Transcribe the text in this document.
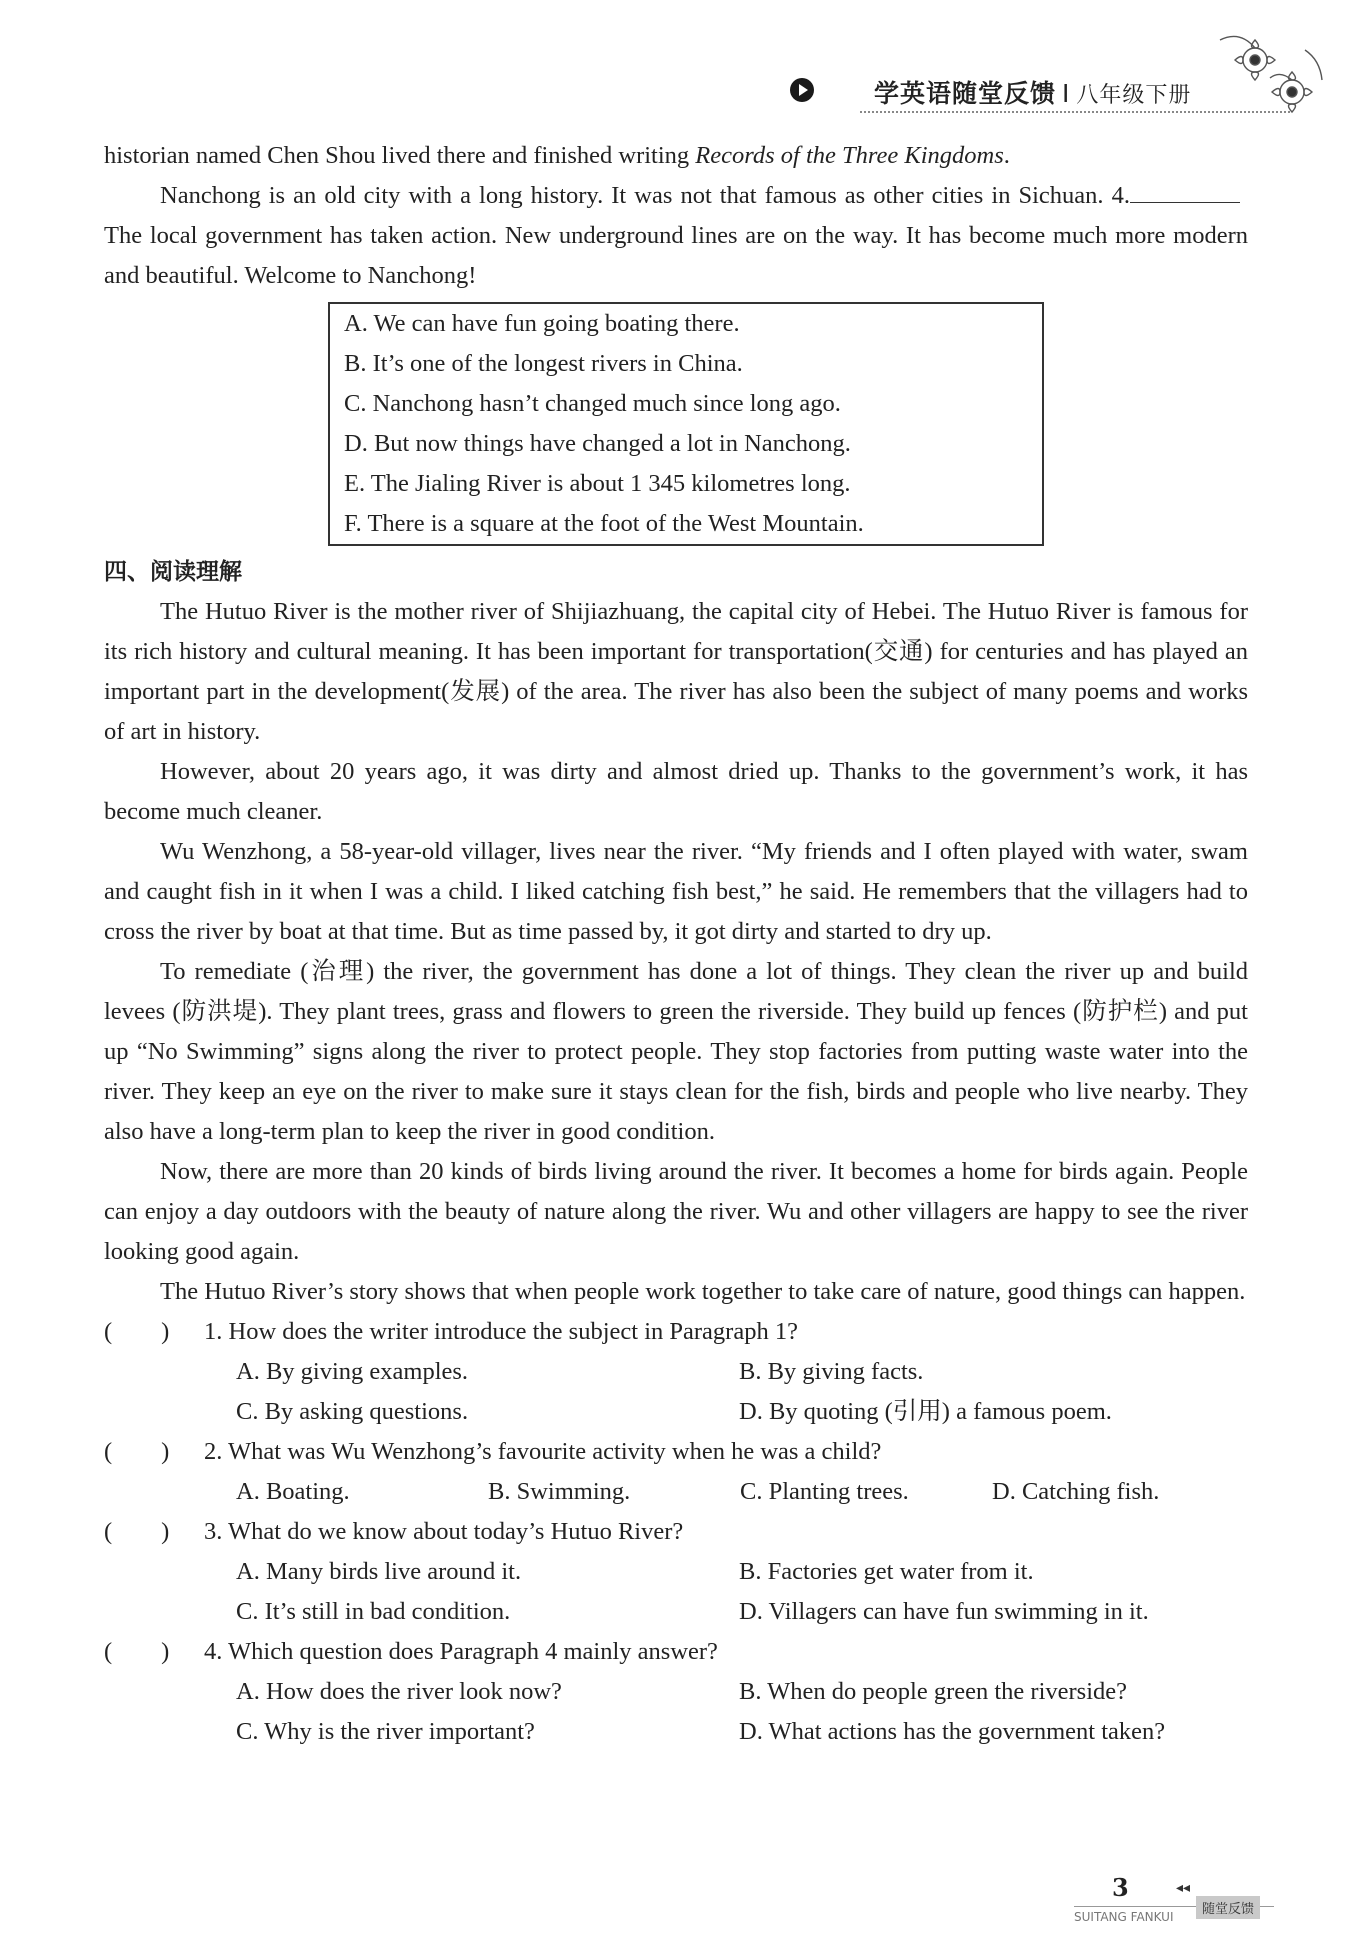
学英语随堂反馈 I 八年级下册

historian named Chen Shou lived there and finished writing Records of the Three Kingdoms.

Nanchong is an old city with a long history. It was not that famous as other cities in Sichuan. 4.The local government has taken action. New underground lines are on the way. It has become much more modern and beautiful. Welcome to Nanchong!

A. We can have fun going boating there.
B. It’s one of the longest rivers in China.
C. Nanchong hasn’t changed much since long ago.
D. But now things have changed a lot in Nanchong.
E. The Jialing River is about 1 345 kilometres long.
F. There is a square at the foot of the West Mountain.
四、阅读理解

The Hutuo River is the mother river of Shijiazhuang, the capital city of Hebei. The Hutuo River is famous for its rich history and cultural meaning. It has been important for transportation(交通) for centuries and has played an important part in the development(发展) of the area. The river has also been the subject of many poems and works of art in history.

However, about 20 years ago, it was dirty and almost dried up. Thanks to the government’s work, it has become much cleaner.

Wu Wenzhong, a 58-year-old villager, lives near the river. “My friends and I often played with water, swam and caught fish in it when I was a child. I liked catching fish best,” he said. He remembers that the villagers had to cross the river by boat at that time. But as time passed by, it got dirty and started to dry up.

To remediate (治理) the river, the government has done a lot of things. They clean the river up and build levees (防洪堤). They plant trees, grass and flowers to green the riverside. They build up fences (防护栏) and put up “No Swimming” signs along the river to protect people. They stop factories from putting waste water into the river. They keep an eye on the river to make sure it stays clean for the fish, birds and people who live nearby. They also have a long-term plan to keep the river in good condition.

Now, there are more than 20 kinds of birds living around the river. It becomes a home for birds again. People can enjoy a day outdoors with the beauty of nature along the river. Wu and other villagers are happy to see the river looking good again.

The Hutuo River’s story shows that when people work together to take care of nature, good things can happen.

(　　) 1. How does the writer introduce the subject in Paragraph 1?
A. By giving examples.	B. By giving facts.
C. By asking questions.	D. By quoting (引用) a famous poem.
(　　) 2. What was Wu Wenzhong’s favourite activity when he was a child?
A. Boating.	B. Swimming.	C. Planting trees.	D. Catching fish.
(　　) 3. What do we know about today’s Hutuo River?
A. Many birds live around it.	B. Factories get water from it.
C. It’s still in bad condition.	D. Villagers can have fun swimming in it.
(　　) 4. Which question does Paragraph 4 mainly answer?
A. How does the river look now?	B. When do people green the riverside?
C. Why is the river important?	D. What actions has the government taken?
3	◂◂
SUITANG FANKUI	随堂反馈
